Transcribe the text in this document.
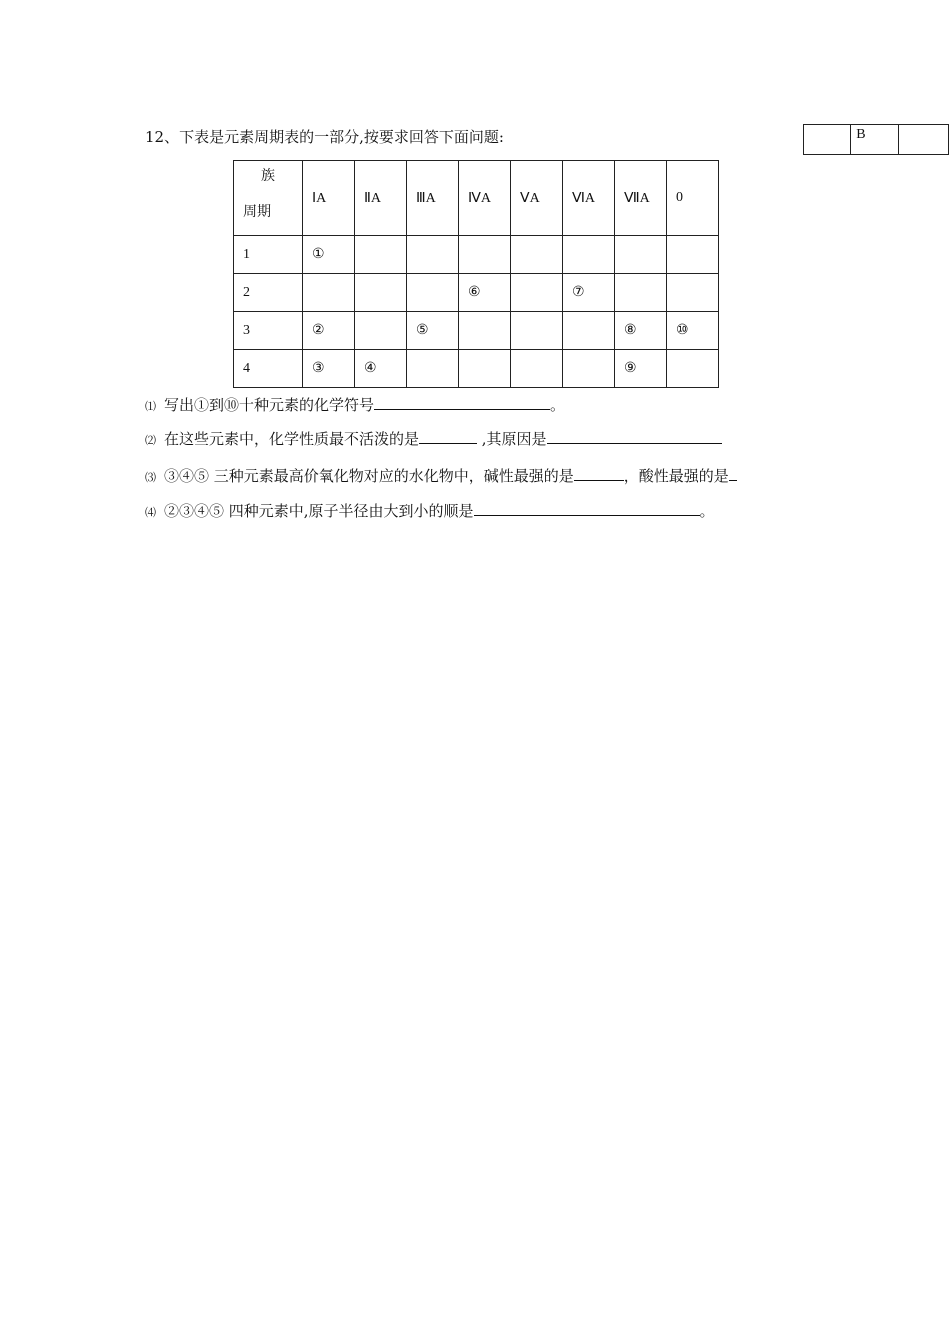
12、下表是元素周期表的一部分,按要求回答下面问题:
		B	
族
周期	ⅠA	ⅡA	ⅢA	ⅣA	ⅤA	ⅥA	ⅦA	0
1	①							
2				⑥		⑦		
3	②		⑤				⑧	⑩
4	③	④					⑨	
⑴ 写出①到⑩十种元素的化学符号	。
⑵ 在这些元素中，化学性质最不活泼的是	,其原因是
⑶ ③④⑤ 三种元素最高价氧化物对应的水化物中，碱性最强的是	，酸性最强的是
⑷ ②③④⑤ 四种元素中,原子半径由大到小的顺是	。
